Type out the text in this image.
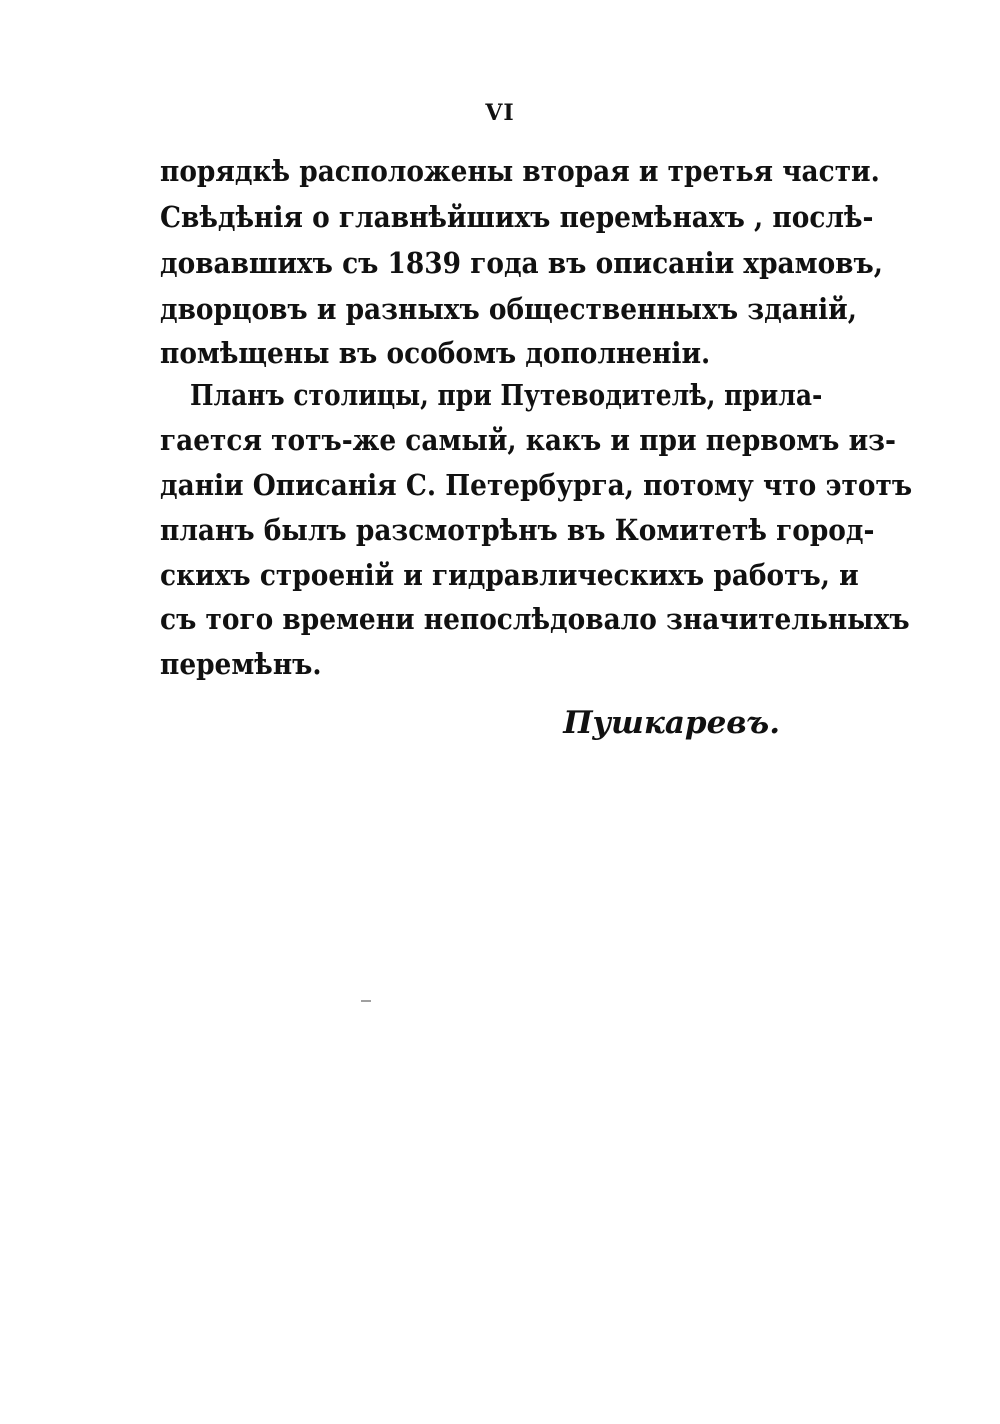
VI
порядкѣ расположены вторая и третья части.
Свѣдѣнія о главнѣйшихъ перемѣнахъ , послѣ-
довавшихъ съ 1839 года въ описаніи храмовъ,
дворцовъ и разныхъ общественныхъ зданій,
помѣщены въ особомъ дополненіи.
Планъ столицы, при Путеводителѣ, прила-
гается тотъ-же самый, какъ и при первомъ из-
даніи Описанія С. Петербурга, потому что этотъ
планъ былъ разсмотрѣнъ въ Комитетѣ город-
скихъ строеній и гидравлическихъ работъ, и
съ того времени непослѣдовало значительныхъ
перемѣнъ.
Пушкаревъ.
